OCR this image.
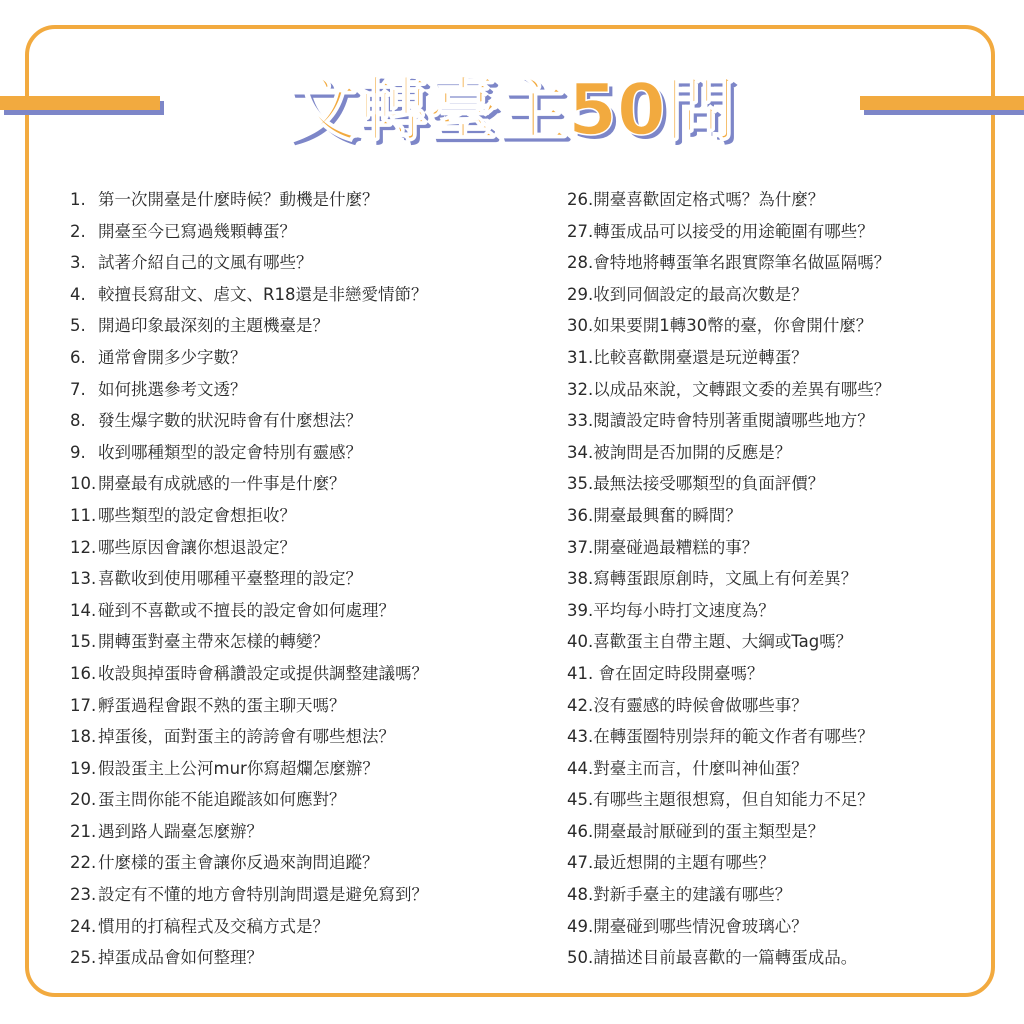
文轉臺主50問
1. 第一次開臺是什麼時候？動機是什麼？
2. 開臺至今已寫過幾顆轉蛋？
3. 試著介紹自己的文風有哪些？
4. 較擅長寫甜文、虐文、R18還是非戀愛情節？
5. 開過印象最深刻的主題機臺是？
6. 通常會開多少字數？
7. 如何挑選參考文透？
8. 發生爆字數的狀況時會有什麼想法？
9. 收到哪種類型的設定會特別有靈感？
10. 開臺最有成就感的一件事是什麼？
11. 哪些類型的設定會想拒收？
12. 哪些原因會讓你想退設定？
13. 喜歡收到使用哪種平臺整理的設定？
14. 碰到不喜歡或不擅長的設定會如何處理？
15. 開轉蛋對臺主帶來怎樣的轉變？
16. 收設與掉蛋時會稱讚設定或提供調整建議嗎？
17. 孵蛋過程會跟不熟的蛋主聊天嗎？
18. 掉蛋後，面對蛋主的誇誇會有哪些想法？
19. 假設蛋主上公河mur你寫超爛怎麼辦？
20. 蛋主問你能不能追蹤該如何應對？
21. 遇到路人踹臺怎麼辦？
22. 什麼樣的蛋主會讓你反過來詢問追蹤？
23. 設定有不懂的地方會特別詢問還是避免寫到？
24. 慣用的打稿程式及交稿方式是？
25. 掉蛋成品會如何整理？
26.開臺喜歡固定格式嗎？為什麼？
27.轉蛋成品可以接受的用途範圍有哪些？
28.會特地將轉蛋筆名跟實際筆名做區隔嗎？
29.收到同個設定的最高次數是？
30.如果要開1轉30幣的臺，你會開什麼？
31.比較喜歡開臺還是玩逆轉蛋？
32.以成品來說，文轉跟文委的差異有哪些？
33.閱讀設定時會特別著重閱讀哪些地方？
34.被詢問是否加開的反應是？
35.最無法接受哪類型的負面評價？
36.開臺最興奮的瞬間？
37.開臺碰過最糟糕的事？
38.寫轉蛋跟原創時，文風上有何差異？
39.平均每小時打文速度為？
40.喜歡蛋主自帶主題、大綱或Tag嗎？
41. 會在固定時段開臺嗎？
42.沒有靈感的時候會做哪些事？
43.在轉蛋圈特別崇拜的範文作者有哪些？
44.對臺主而言，什麼叫神仙蛋？
45.有哪些主題很想寫，但自知能力不足？
46.開臺最討厭碰到的蛋主類型是？
47.最近想開的主題有哪些？
48.對新手臺主的建議有哪些？
49.開臺碰到哪些情況會玻璃心？
50.請描述目前最喜歡的一篇轉蛋成品。
